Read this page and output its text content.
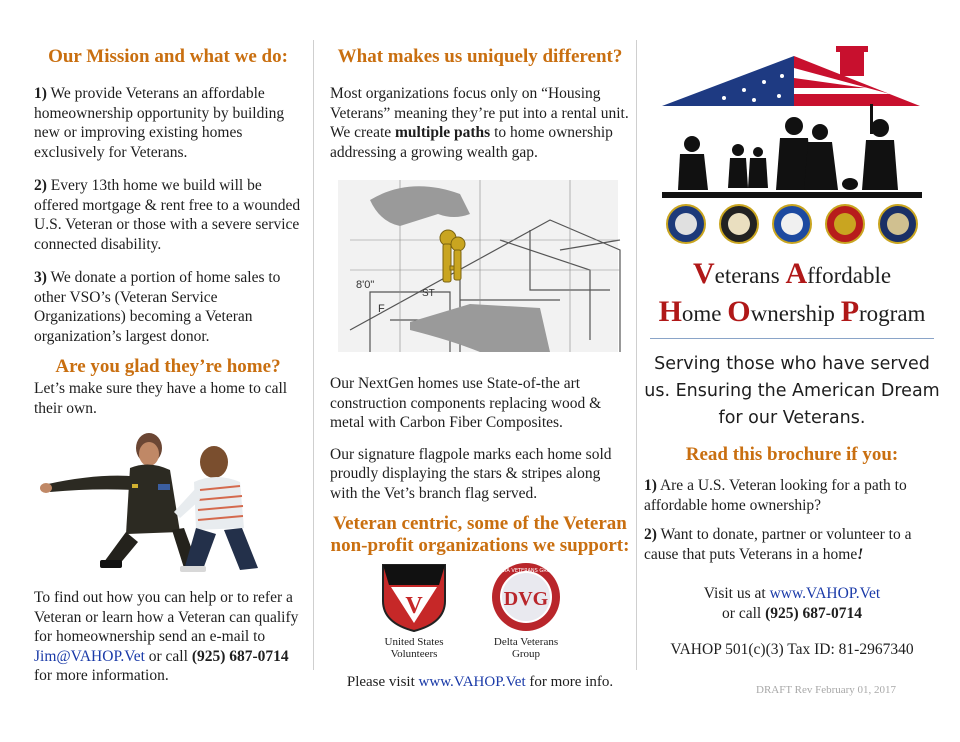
Our Mission and what we do:

1) We provide Veterans an affordable homeownership opportunity by building new or improving existing homes exclusively for Veterans.

2) Every 13th home we build will be offered mortgage & rent free to a wounded U.S. Veteran or those with a severe service connected disability.

3) We donate a portion of home sales to other VSO’s (Veteran Service Organizations) becoming a Veteran organization’s largest donor.

Are you glad they’re home?

Let’s make sure they have a home to call their own.

To find out how you can help or to refer a Veteran or learn how a Veteran can qualify for homeownership send an e-mail to Jim@VAHOP.Vet or call (925) 687-0714 for more information.

What makes us uniquely different?

Most organizations focus only on “Housing Veterans” meaning they’re put into a rental unit. We create multiple paths to home ownership addressing a growing wealth gap.

8'0"
F
ST

Our NextGen homes use State-of-the art construction components replacing wood & metal with Carbon Fiber Composites.

Our signature flagpole marks each home sold proudly displaying the stars & stripes along with the Vet’s branch flag served.

Veteran centric, some of the Veteran
non-profit organizations we support:
V
United States
Volunteers
DELTA VETERANS GROUP
DVG
Delta Veterans
Group

Please visit www.VAHOP.Vet for more info.

Veterans Affordable
Home Ownership Program

Serving those who have served us. Ensuring the American Dream for our Veterans.

Read this brochure if you:

1) Are a U.S. Veteran looking for a path to affordable home ownership?

2) Want to donate, partner or volunteer to a cause that puts Veterans in a home!

Visit us at www.VAHOP.Vet
or call (925) 687-0714

VAHOP 501(c)(3) Tax ID: 81-2967340

DRAFT Rev February 01, 2017
